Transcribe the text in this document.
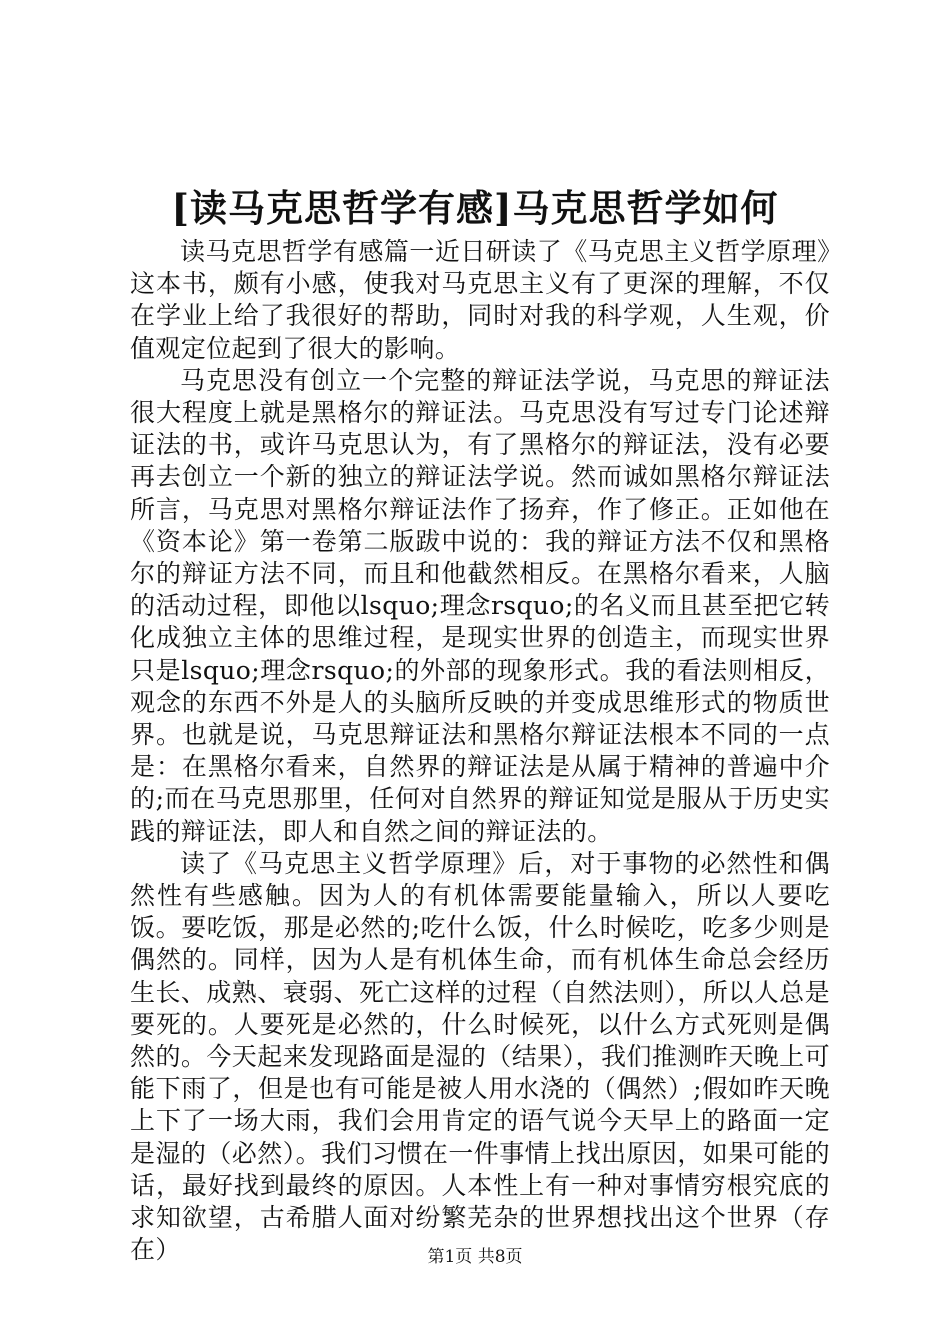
[读马克思哲学有感]马克思哲学如何

读马克思哲学有感篇一近日研读了《马克思主义哲学原理》这本书，颇有小感，使我对马克思主义有了更深的理解，不仅在学业上给了我很好的帮助，同时对我的科学观，人生观，价值观定位起到了很大的影响。

马克思没有创立一个完整的辩证法学说，马克思的辩证法很大程度上就是黑格尔的辩证法。马克思没有写过专门论述辩证法的书，或许马克思认为，有了黑格尔的辩证法，没有必要再去创立一个新的独立的辩证法学说。然而诚如黑格尔辩证法所言，马克思对黑格尔辩证法作了扬弃，作了修正。正如他在《资本论》第一卷第二版跋中说的：我的辩证方法不仅和黑格尔的辩证方法不同，而且和他截然相反。在黑格尔看来，人脑的活动过程，即他以lsquo;理念rsquo;的名义而且甚至把它转化成独立主体的思维过程，是现实世界的创造主，而现实世界只是lsquo;理念rsquo;的外部的现象形式。我的看法则相反，观念的东西不外是人的头脑所反映的并变成思维形式的物质世界。也就是说，马克思辩证法和黑格尔辩证法根本不同的一点是：在黑格尔看来，自然界的辩证法是从属于精神的普遍中介的;而在马克思那里，任何对自然界的辩证知觉是服从于历史实践的辩证法，即人和自然之间的辩证法的。

读了《马克思主义哲学原理》后，对于事物的必然性和偶然性有些感触。因为人的有机体需要能量输入，所以人要吃饭。要吃饭，那是必然的;吃什么饭，什么时候吃，吃多少则是偶然的。同样，因为人是有机体生命，而有机体生命总会经历生长、成熟、衰弱、死亡这样的过程（自然法则），所以人总是要死的。人要死是必然的，什么时候死，以什么方式死则是偶然的。今天起来发现路面是湿的（结果），我们推测昨天晚上可能下雨了，但是也有可能是被人用水浇的（偶然）;假如昨天晚上下了一场大雨，我们会用肯定的语气说今天早上的路面一定是湿的（必然）。我们习惯在一件事情上找出原因，如果可能的话，最好找到最终的原因。人本性上有一种对事情穷根究底的求知欲望，古希腊人面对纷繁芜杂的世界想找出这个世界（存在）	第1页 共8页
